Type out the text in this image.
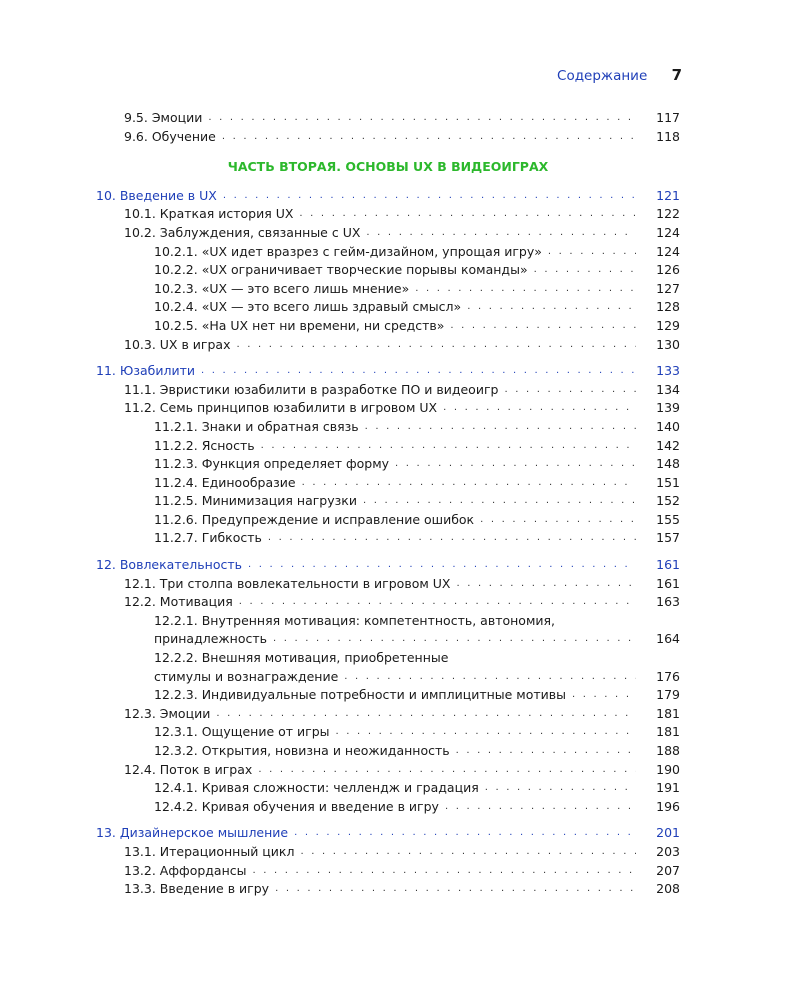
Содержание 7
9.5. Эмоции . . .	117
9.6. Обучение . . .	118
ЧАСТЬ ВТОРАЯ. ОСНОВЫ UX В ВИДЕОИГРАХ
10. Введение в UX . . .	121
10.1. Краткая история UX . . .	122
10.2. Заблуждения, связанные с UX . . .	124
10.2.1. «UX идет вразрез с гейм-дизайном, упрощая игру» . . .	124
10.2.2. «UX ограничивает творческие порывы команды» . . .	126
10.2.3. «UX — это всего лишь мнение» . . .	127
10.2.4. «UX — это всего лишь здравый смысл» . . .	128
10.2.5. «На UX нет ни времени, ни средств» . . .	129
10.3. UX в играх . . .	130
11. Юзабилити . . .	133
11.1. Эвристики юзабилити в разработке ПО и видеоигр . . .	134
11.2. Семь принципов юзабилити в игровом UX . . .	139
11.2.1. Знаки и обратная связь . . .	140
11.2.2. Ясность . . .	142
11.2.3. Функция определяет форму . . .	148
11.2.4. Единообразие . . .	151
11.2.5. Минимизация нагрузки . . .	152
11.2.6. Предупреждение и исправление ошибок . . .	155
11.2.7. Гибкость . . .	157
12. Вовлекательность . . .	161
12.1. Три столпа вовлекательности в игровом UX . . .	161
12.2. Мотивация . . .	163
12.2.1. Внутренняя мотивация: компетентность, автономия,
принадлежность . . .	164
12.2.2. Внешняя мотивация, приобретенные
стимулы и вознаграждение . . .	176
12.2.3. Индивидуальные потребности и имплицитные мотивы . . .	179
12.3. Эмоции . . .	181
12.3.1. Ощущение от игры . . .	181
12.3.2. Открытия, новизна и неожиданность . . .	188
12.4. Поток в играх . . .	190
12.4.1. Кривая сложности: челлендж и градация . . .	191
12.4.2. Кривая обучения и введение в игру . . .	196
13. Дизайнерское мышление . . .	201
13.1. Итерационный цикл . . .	203
13.2. Аффордансы . . .	207
13.3. Введение в игру . . .	208
